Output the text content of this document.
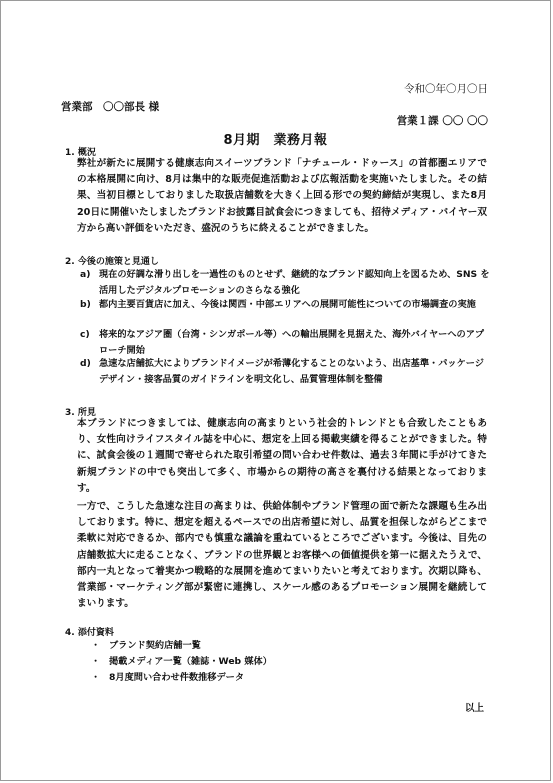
令和〇年〇月〇日
営業部　〇〇部長 様
営業１課 〇〇 〇〇
8月期　業務月報
1. 概況

弊社が新たに展開する健康志向スイーツブランド「ナチュール・ドゥース」の首都圏エリアでの本格展開に向け、8月は集中的な販売促進活動および広報活動を実施いたしました。その結果、当初目標としておりました取扱店舗数を大きく上回る形での契約締結が実現し、また8月20日に開催いたしましたブランドお披露目試食会につきましても、招待メディア・バイヤー双方から高い評価をいただき、盛況のうちに終えることができました。

2. 今後の施策と見通し
a) 現在の好調な滑り出しを一過性のものとせず、継続的なブランド認知向上を図るため、SNS を活用したデジタルプロモーションのさらなる強化
b) 都内主要百貨店に加え、今後は関西・中部エリアへの展開可能性についての市場調査の実施
c)	将来的なアジア圏（台湾・シンガポール等）への輸出展開を見据えた、海外バイヤーへのアプローチ開始
d) 急速な店舗拡大によりブランドイメージが希薄化することのないよう、出店基準・パッケージデザイン・接客品質のガイドラインを明文化し、品質管理体制を整備
3. 所見

本ブランドにつきましては、健康志向の高まりという社会的トレンドとも合致したこともあり、女性向けライフスタイル誌を中心に、想定を上回る掲載実績を得ることができました。特に、試食会後の１週間で寄せられた取引希望の問い合わせ件数は、過去３年間に手がけてきた新規ブランドの中でも突出して多く、市場からの期待の高さを裏付ける結果となっております。

一方で、こうした急速な注目の高まりは、供給体制やブランド管理の面で新たな課題も生み出しております。特に、想定を超えるペースでの出店希望に対し、品質を担保しながらどこまで柔軟に対応できるか、部内でも慎重な議論を重ねているところでございます。今後は、目先の店舗数拡大に走ることなく、ブランドの世界観とお客様への価値提供を第一に据えたうえで、部内一丸となって着実かつ戦略的な展開を進めてまいりたいと考えております。次期以降も、営業部・マーケティング部が緊密に連携し、スケール感のあるプロモーション展開を継続してまいります。

4. 添付資料
・ ブランド契約店舗一覧
・ 掲載メディア一覧（雑誌・Web 媒体）
・ 8月度問い合わせ件数推移データ
以上
